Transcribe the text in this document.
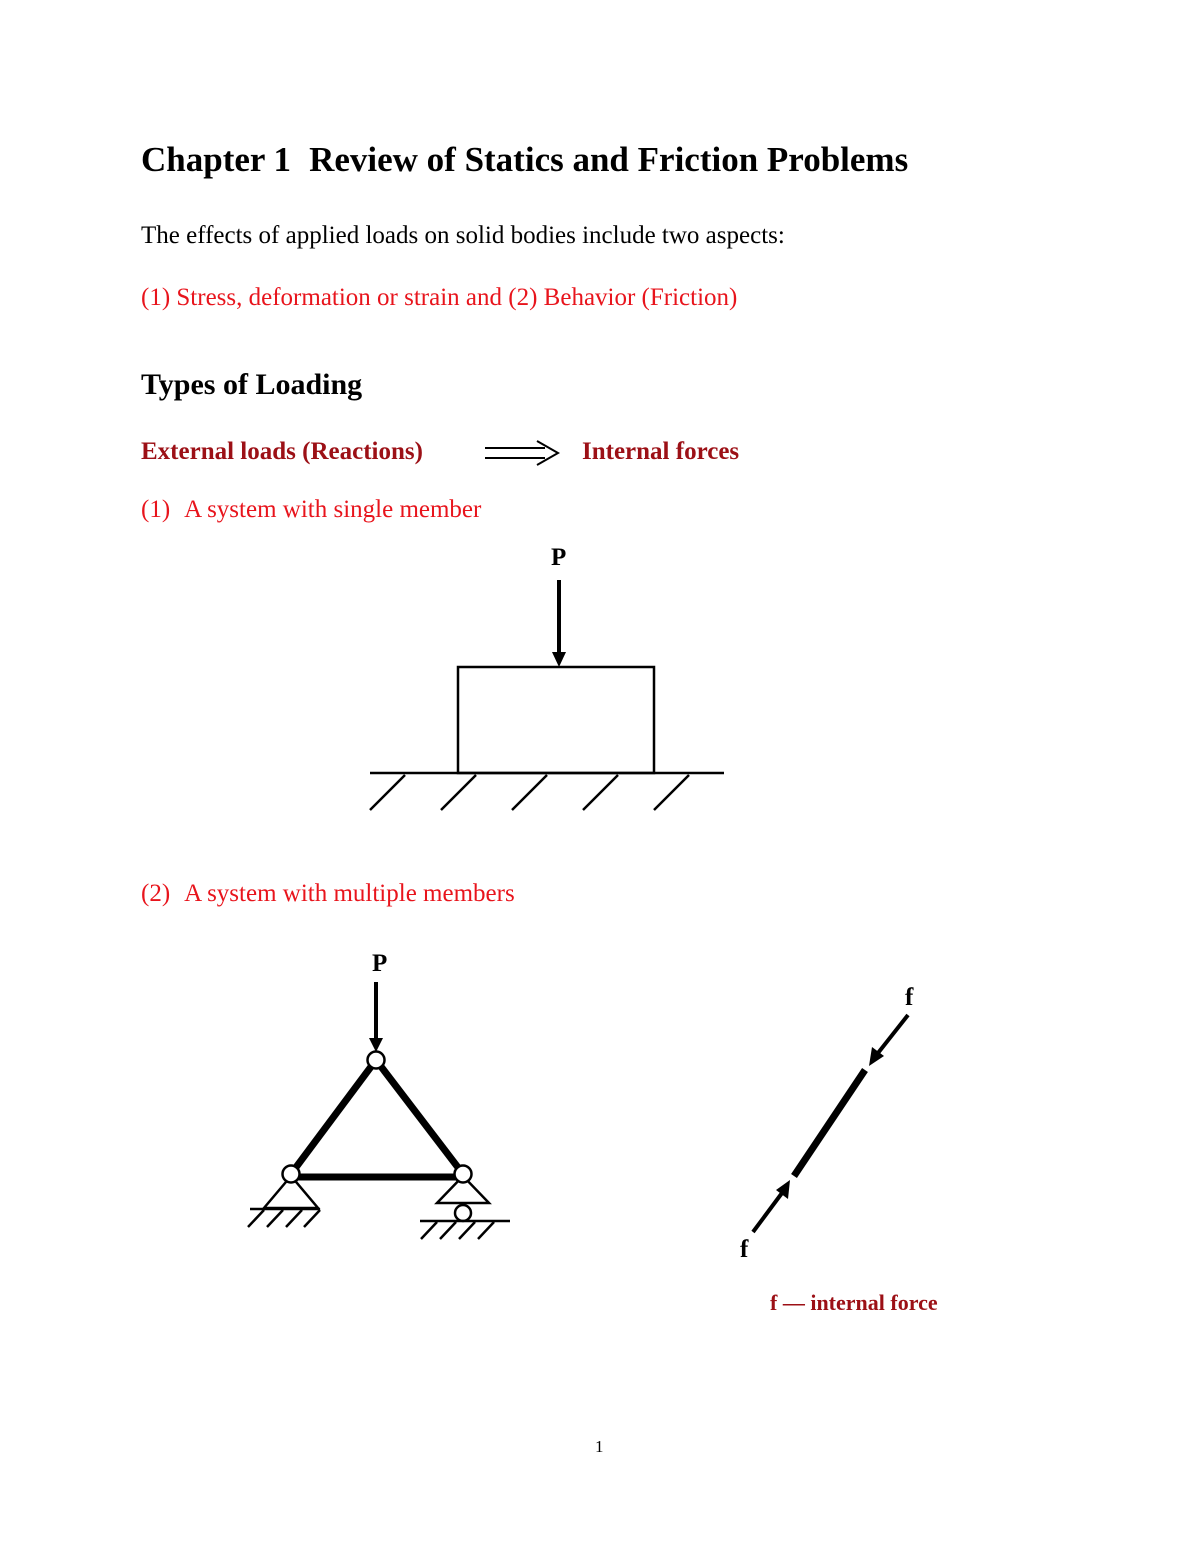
Chapter 1 Review of Statics and Friction Problems
The effects of applied loads on solid bodies include two aspects:
(1) Stress, deformation or strain and (2) Behavior (Friction)
Types of Loading
External loads (Reactions)	Internal forces
(1) A system with single member
P
(2) A system with multiple members
P
f
f
f — internal force
1
